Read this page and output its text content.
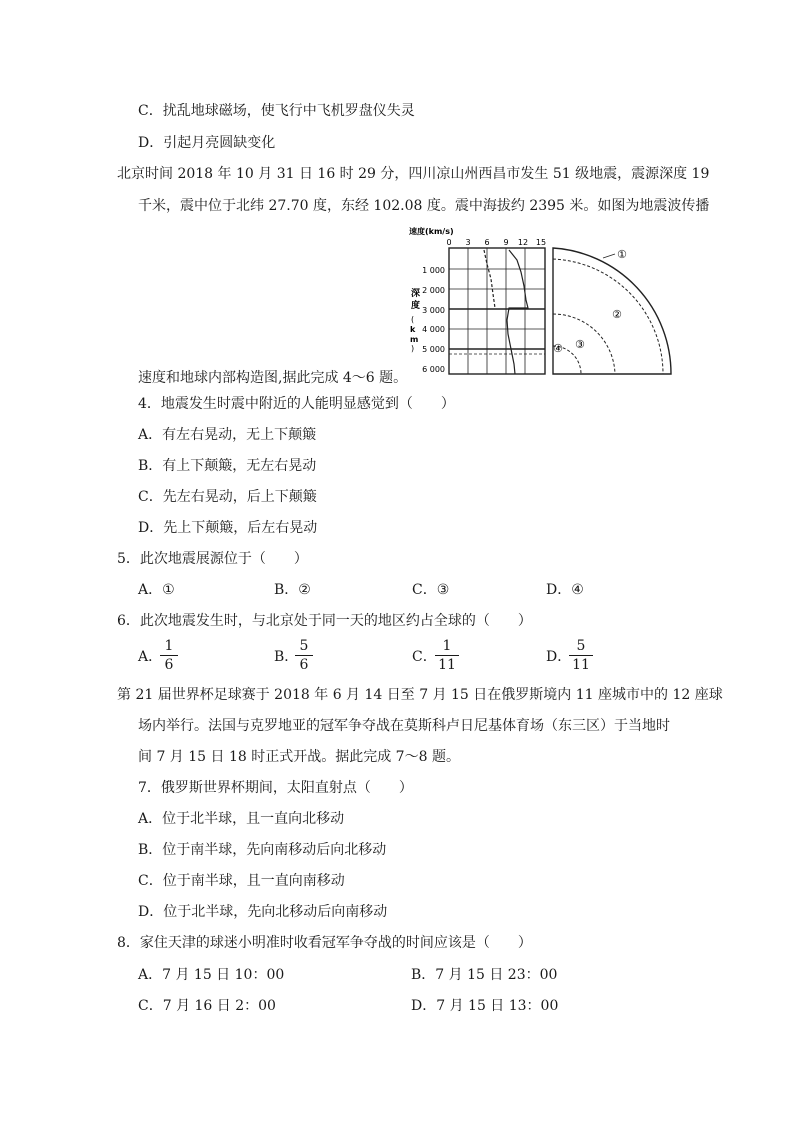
C．扰乱地球磁场，使飞行中飞机罗盘仪失灵
D．引起月亮圆缺变化
北京时间 2018 年 10 月 31 日 16 时 29 分，四川凉山州西昌市发生 51 级地震，震源深度 19
千米，震中位于北纬 27.70 度，东经 102.08 度。震中海拔约 2395 米。如图为地震波传播
速度(km/s)
0 3 6 9 12 15
深
度
(
k
m
)
1 000
2 000
3 000
4 000
5 000
6 000
①
②
③
④
速度和地球内部构造图,据此完成 4～6 题。
4．地震发生时震中附近的人能明显感觉到（　　）
A．有左右晃动，无上下颠簸
B．有上下颠簸，无左右晃动
C．先左右晃动，后上下颠簸
D．先上下颠簸，后左右晃动
5．此次地震展源位于（　　）
A．①	B．②	C．③	D．④
6．此次地震发生时，与北京处于同一天的地区约占全球的（　　）
A．
1
6	B．
5
6	C．
1
11	D．
5
11
第 21 届世界杯足球赛于 2018 年 6 月 14 日至 7 月 15 日在俄罗斯境内 11 座城市中的 12 座球
场内举行。法国与克罗地亚的冠军争夺战在莫斯科卢日尼基体育场（东三区）于当地时
间 7 月 15 日 18 时正式开战。据此完成 7～8 题。
7．俄罗斯世界杯期间，太阳直射点（　　）
A．位于北半球，且一直向北移动
B．位于南半球，先向南移动后向北移动
C．位于南半球，且一直向南移动
D．位于北半球，先向北移动后向南移动
8．家住天津的球迷小明准时收看冠军争夺战的时间应该是（　　）
A．7 月 15 日 10：00	B．7 月 15 日 23：00
C．7 月 16 日 2：00	D．7 月 15 日 13：00
